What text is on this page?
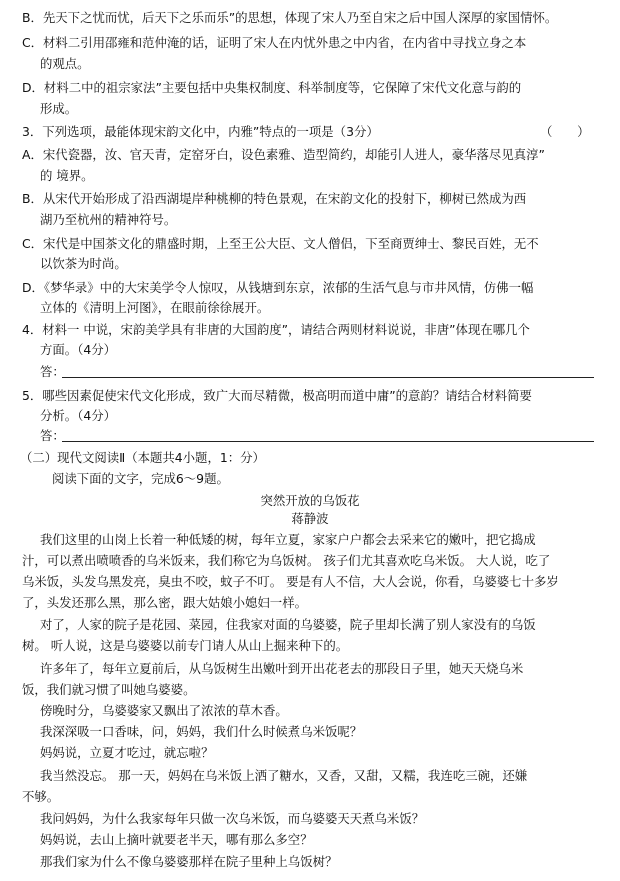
B．先天下之忧而忧，后天下之乐而乐”的思想，体现了宋人乃至自宋之后中国人深厚的家国情怀。
C．材料二引用邵雍和范仲淹的话，证明了宋人在内忧外患之中内省，在内省中寻找立身之本
的观点。
D．材料二中的祖宗家法”主要包括中央集权制度、科举制度等，它保障了宋代文化意与韵的
形成。
3．下列选项，最能体现宋韵文化中，内雅”特点的一项是（3分）	（　　）
A．宋代瓷器，汝、官天青，定窑牙白，设色素雅、造型简约，却能引人进人，豪华落尽见真淳”
的 境界。
B．从宋代开始形成了沿西湖堤岸种桃柳的特色景观，在宋韵文化的投射下，柳树已然成为西
湖乃至杭州的精神符号。
C．宋代是中国茶文化的鼎盛时期，上至王公大臣、文人僧侣，下至商贾绅士、黎民百姓，无不
以饮茶为时尚。
D．《梦华录》中的大宋美学令人惊叹，从钱塘到东京，浓郁的生活气息与市井风情，仿佛一幅
立体的《清明上河图》，在眼前徐徐展开。
4．材料一 中说，宋韵美学具有非唐的大国韵度”，请结合两则材料说说，非唐”体现在哪几个
方面。（4分）
答：
5．哪些因素促使宋代文化形成，致广大而尽精微，极高明而道中庸”的意韵？请结合材料简要
分析。（4分）
答：
（二）现代文阅读Ⅱ（本题共4小题，1：分）
阅读下面的文字，完成6～9题。
突然开放的乌饭花
蒋静波
我们这里的山岗上长着一种低矮的树，每年立夏，家家户户都会去采来它的嫩叶，把它捣成
汁，可以煮出喷喷香的乌米饭来，我们称它为乌饭树。 孩子们尤其喜欢吃乌米饭。 大人说，吃了
乌米饭，头发乌黑发亮，臭虫不咬，蚊子不叮。 要是有人不信，大人会说，你看，乌婆婆七十多岁
了，头发还那么黑，那么密，跟大姑娘小媳妇一样。
对了，人家的院子是花园、菜园，住我家对面的乌婆婆，院子里却长满了别人家没有的乌饭
树。 听人说，这是乌婆婆以前专门请人从山上掘来种下的。
许多年了，每年立夏前后，从乌饭树生出嫩叶到开出花老去的那段日子里，她天天烧乌米
饭，我们就习惯了叫她乌婆婆。
傍晚时分，乌婆婆家又飘出了浓浓的草木香。
我深深吸一口香味，问，妈妈，我们什么时候煮乌米饭呢？
妈妈说，立夏才吃过，就忘啦？
我当然没忘。 那一天，妈妈在乌米饭上洒了糖水，又香，又甜，又糯，我连吃三碗，还嫌
不够。
我问妈妈，为什么我家每年只做一次乌米饭，而乌婆婆天天煮乌米饭？
妈妈说，去山上摘叶就要老半天，哪有那么多空？
那我们家为什么不像乌婆婆那样在院子里种上乌饭树？
